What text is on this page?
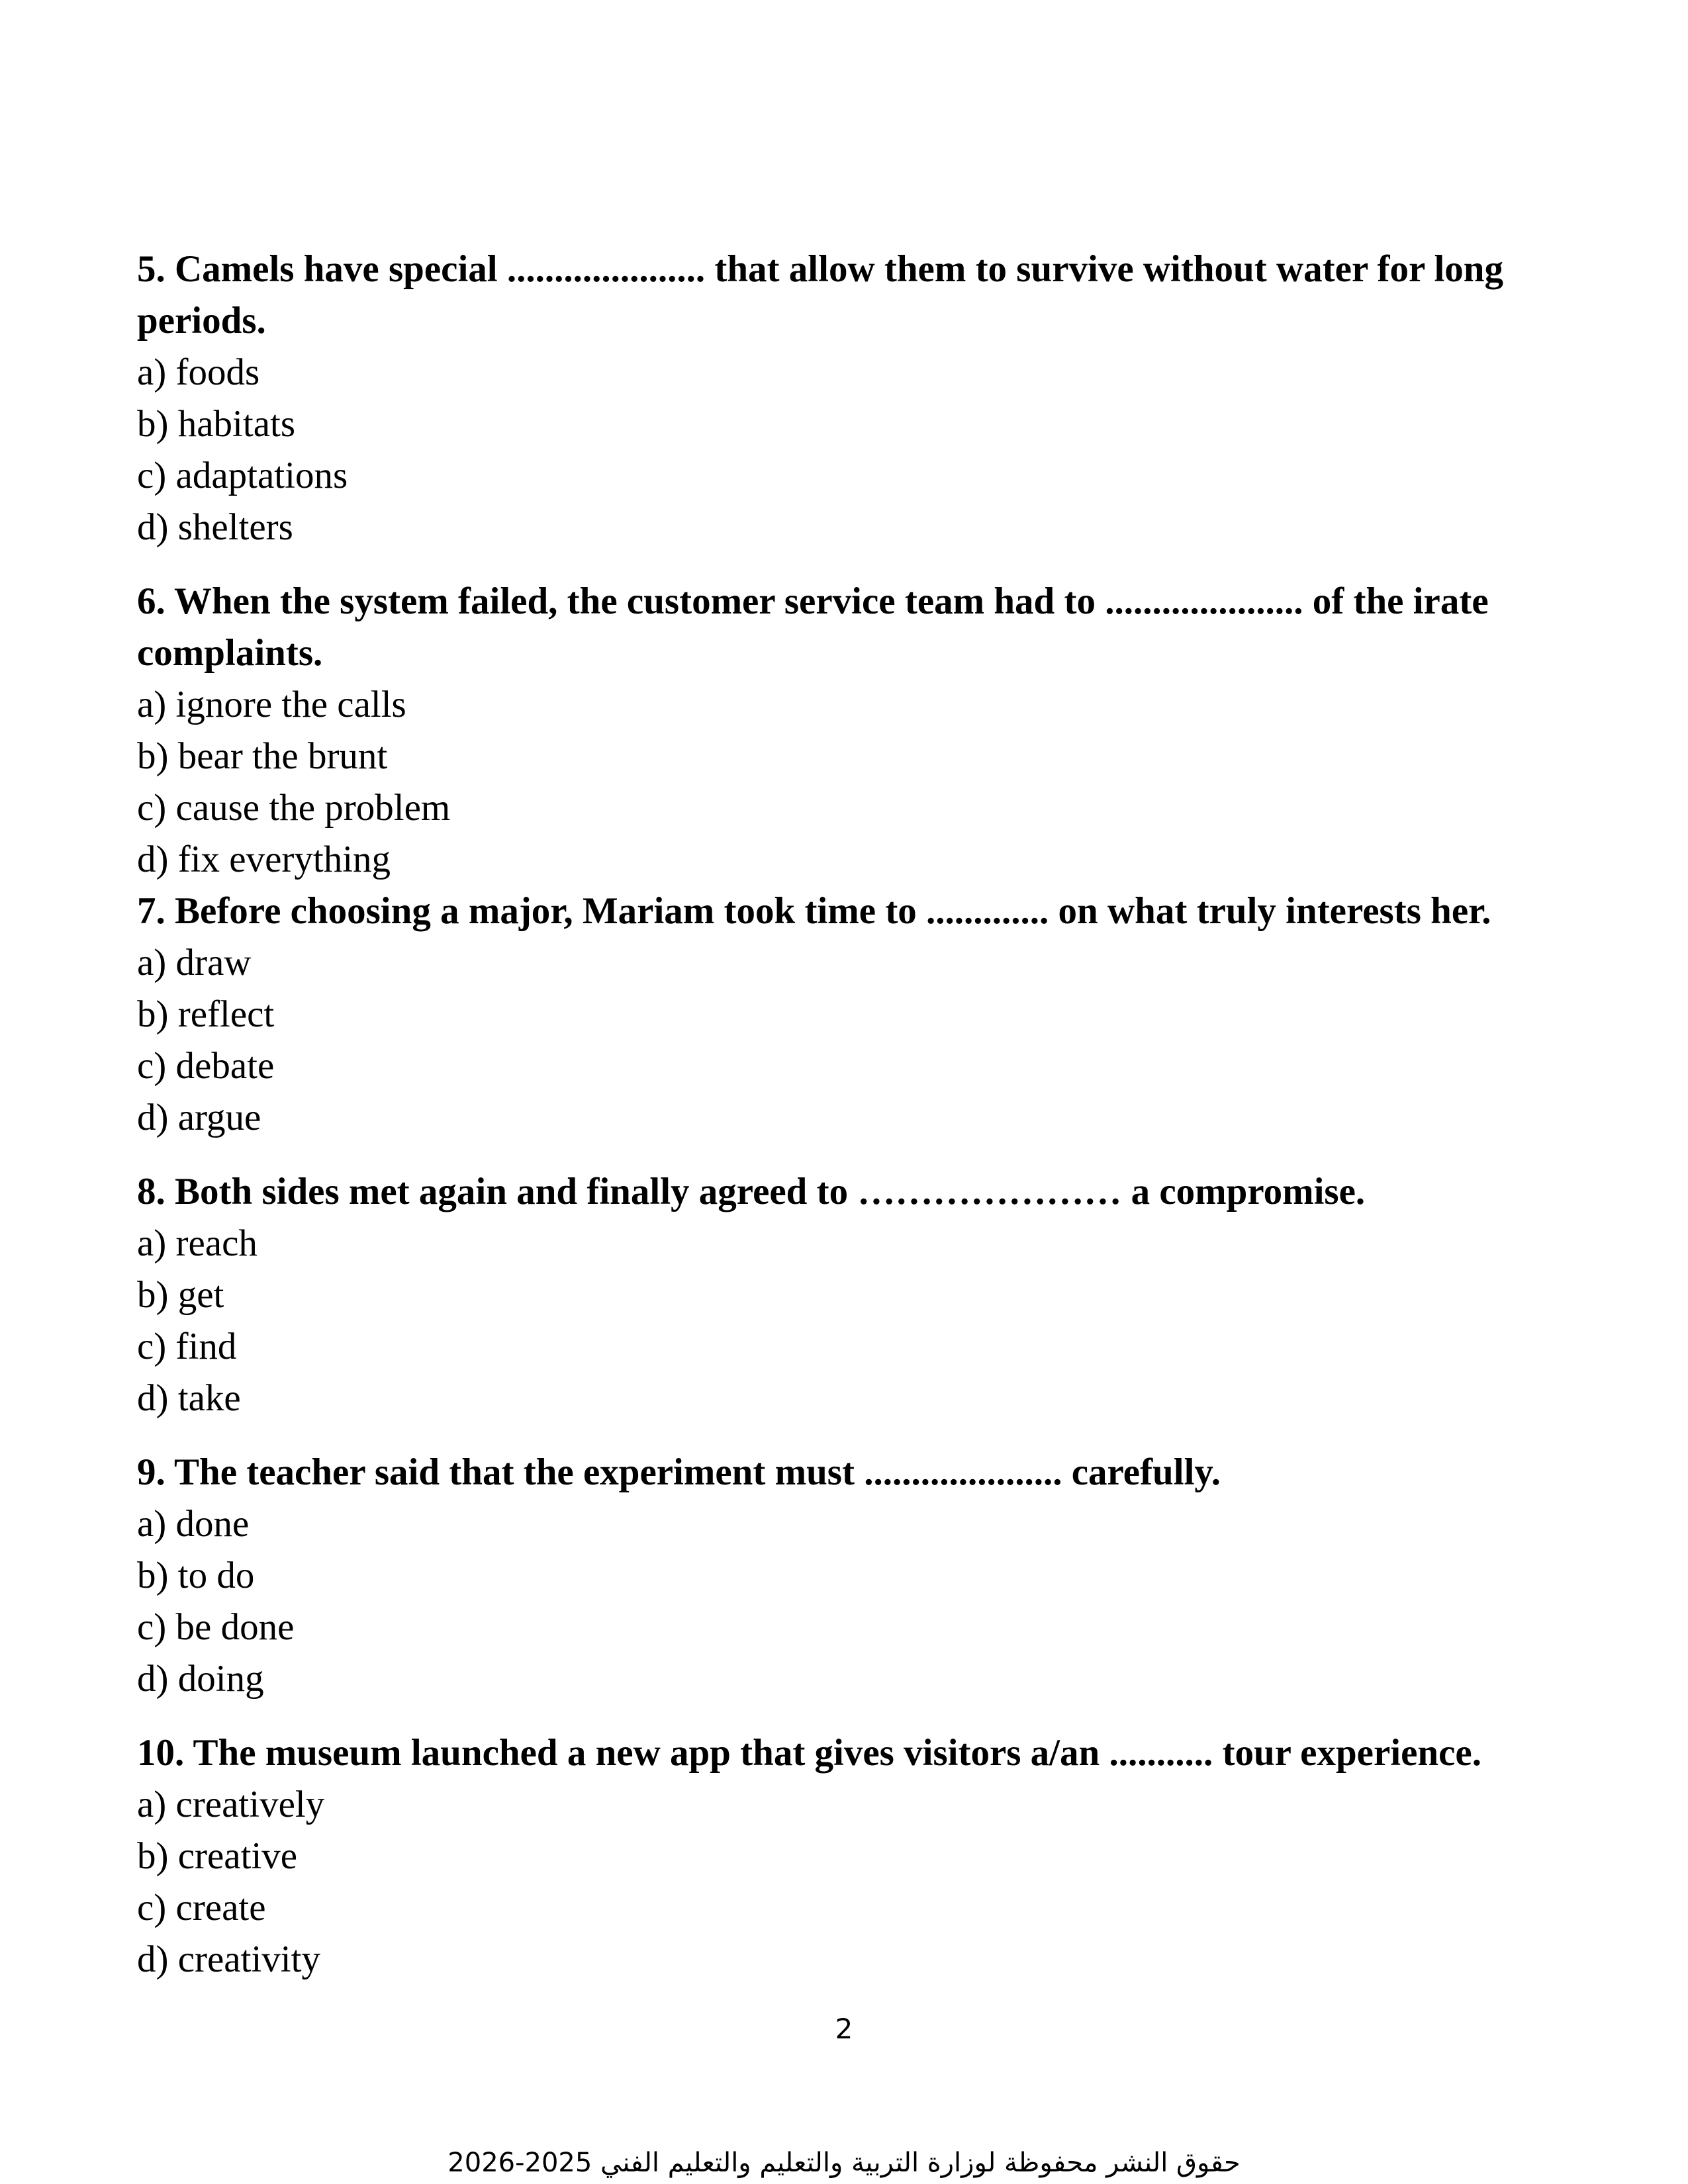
5. Camels have special ..................... that allow them to survive without water for long periods.

a) foods
b) habitats
c) adaptations
d) shelters

6. When the system failed, the customer service team had to ..................... of the irate complaints.

a) ignore the calls
b) bear the brunt
c) cause the problem
d) fix everything

7. Before choosing a major, Mariam took time to ............. on what truly interests her.

a) draw
b) reflect
c) debate
d) argue

8. Both sides met again and finally agreed to ………………… a compromise.

a) reach
b) get
c) find
d) take

9. The teacher said that the experiment must ..................... carefully.

a) done
b) to do
c) be done
d) doing

10. The museum launched a new app that gives visitors a/an ........... tour experience.

a) creatively
b) creative
c) create
d) creativity
2
حقوق النشر محفوظة لوزارة التربية والتعليم والتعليم الفني 2025-2026
